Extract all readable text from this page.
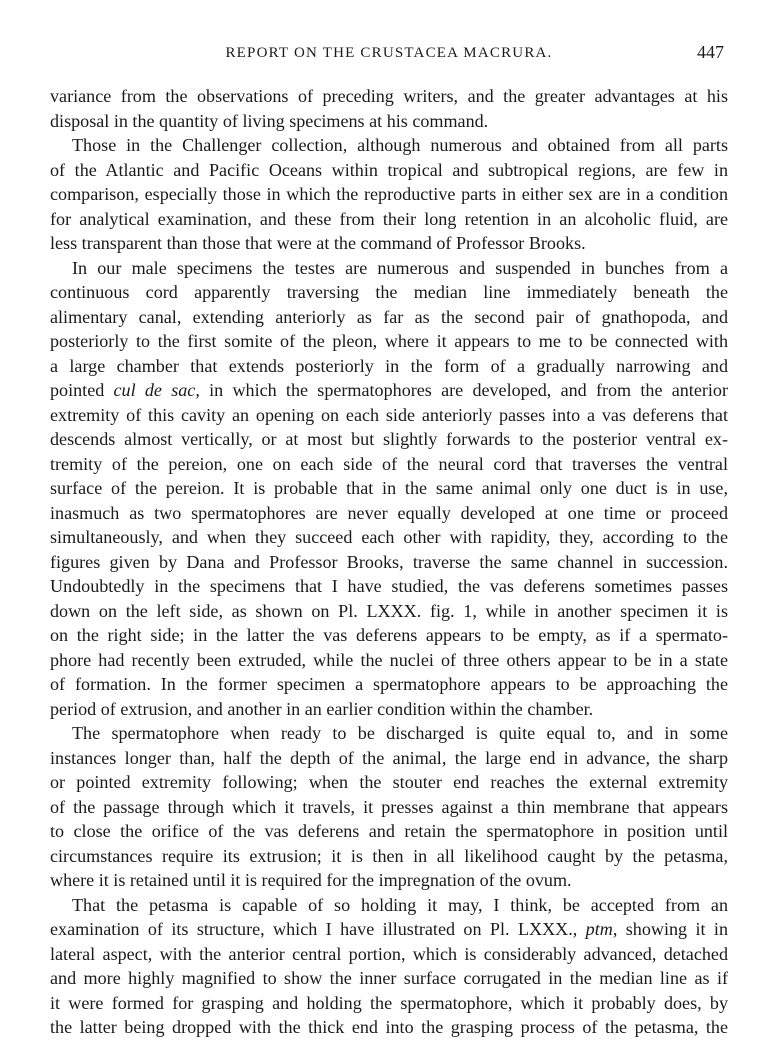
REPORT ON THE CRUSTACEA MACRURA.	447

variance from the observations of preceding writers, and the greater advantages at his
disposal in the quantity of living specimens at his command.

Those in the Challenger collection, although numerous and obtained from all parts
of the Atlantic and Pacific Oceans within tropical and subtropical regions, are few in
comparison, especially those in which the reproductive parts in either sex are in a condition
for analytical examination, and these from their long retention in an alcoholic fluid, are
less transparent than those that were at the command of Professor Brooks.

In our male specimens the testes are numerous and suspended in bunches from a
continuous cord apparently traversing the median line immediately beneath the
alimentary canal, extending anteriorly as far as the second pair of gnathopoda, and
posteriorly to the first somite of the pleon, where it appears to me to be connected with
a large chamber that extends posteriorly in the form of a gradually narrowing and
pointed cul de sac, in which the spermatophores are developed, and from the anterior
extremity of this cavity an opening on each side anteriorly passes into a vas deferens that
descends almost vertically, or at most but slightly forwards to the posterior ventral ex-
tremity of the pereion, one on each side of the neural cord that traverses the ventral
surface of the pereion. It is probable that in the same animal only one duct is in use,
inasmuch as two spermatophores are never equally developed at one time or proceed
simultaneously, and when they succeed each other with rapidity, they, according to the
figures given by Dana and Professor Brooks, traverse the same channel in succession.
Undoubtedly in the specimens that I have studied, the vas deferens sometimes passes
down on the left side, as shown on Pl. LXXX. fig. 1, while in another specimen it is
on the right side; in the latter the vas deferens appears to be empty, as if a spermato-
phore had recently been extruded, while the nuclei of three others appear to be in a state
of formation. In the former specimen a spermatophore appears to be approaching the
period of extrusion, and another in an earlier condition within the chamber.

The spermatophore when ready to be discharged is quite equal to, and in some
instances longer than, half the depth of the animal, the large end in advance, the sharp
or pointed extremity following; when the stouter end reaches the external extremity
of the passage through which it travels, it presses against a thin membrane that appears
to close the orifice of the vas deferens and retain the spermatophore in position until
circumstances require its extrusion; it is then in all likelihood caught by the petasma,
where it is retained until it is required for the impregnation of the ovum.

That the petasma is capable of so holding it may, I think, be accepted from an
examination of its structure, which I have illustrated on Pl. LXXX., ptm, showing it in
lateral aspect, with the anterior central portion, which is considerably advanced, detached
and more highly magnified to show the inner surface corrugated in the median line as if
it were formed for grasping and holding the spermatophore, which it probably does, by
the latter being dropped with the thick end into the grasping process of the petasma, the
